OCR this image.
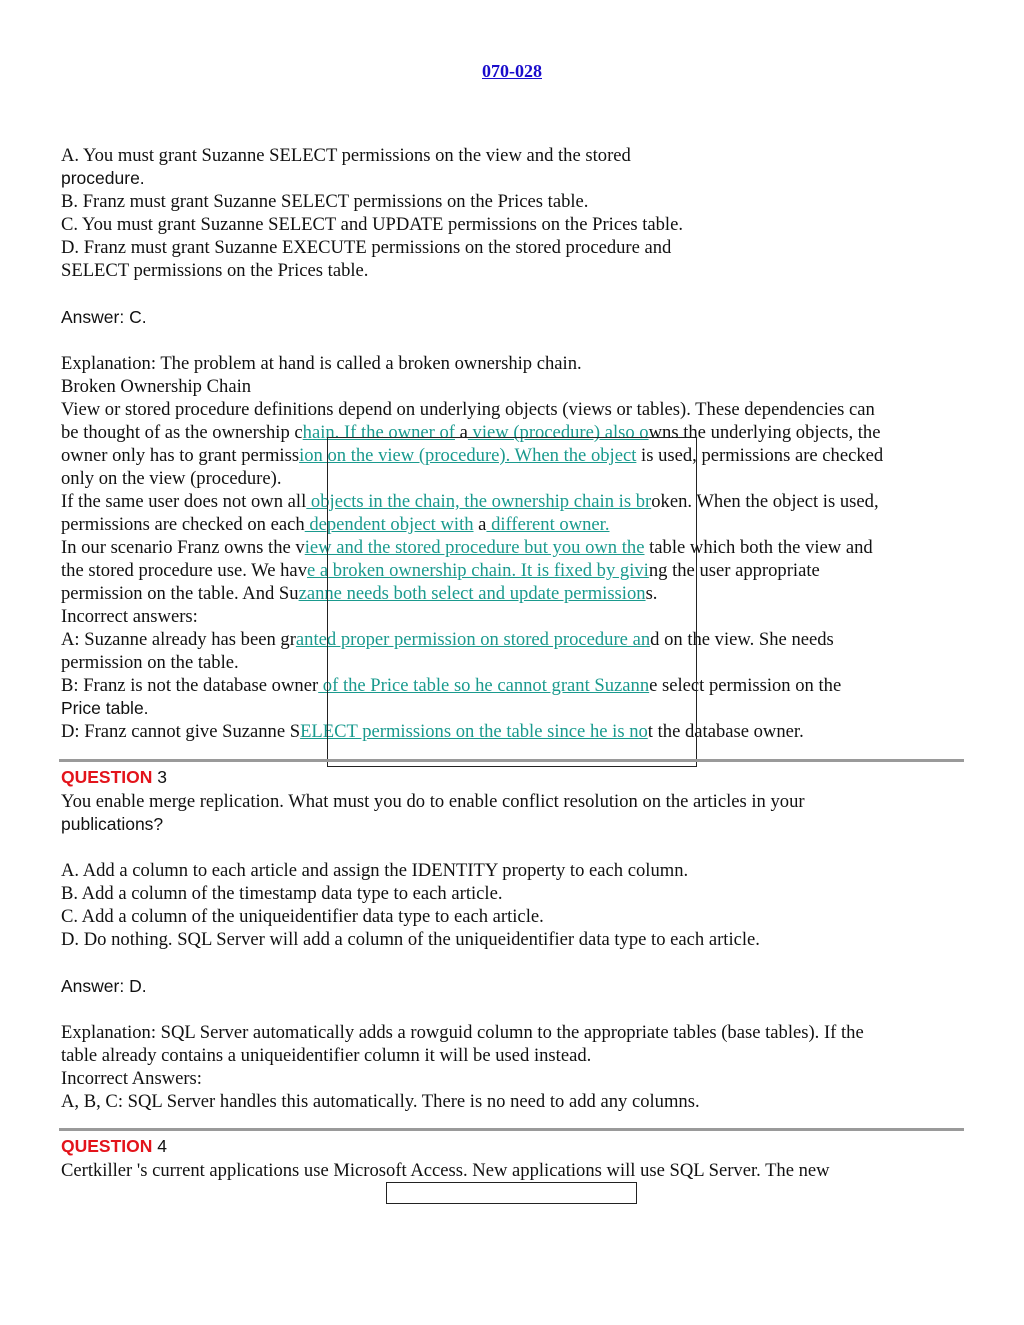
070-028

A. You must grant Suzanne SELECT permissions on the view and the stored

procedure.

B. Franz must grant Suzanne SELECT permissions on the Prices table.

C. You must grant Suzanne SELECT and UPDATE permissions on the Prices table.

D. Franz must grant Suzanne EXECUTE permissions on the stored procedure and

SELECT permissions on the Prices table.

Answer: C.

Explanation: The problem at hand is called a broken ownership chain.

Broken Ownership Chain

View or stored procedure definitions depend on underlying objects (views or tables). These dependencies can

be thought of as the ownership chain. If the owner of a view (procedure) also owns the underlying objects, the

owner only has to grant permission on the view (procedure). When the object is used, permissions are checked

only on the view (procedure).

If the same user does not own all objects in the chain, the ownership chain is broken. When the object is used,

permissions are checked on each dependent object with a different owner.

In our scenario Franz owns the view and the stored procedure but you own the table which both the view and

the stored procedure use. We have a broken ownership chain. It is fixed by giving the user appropriate

permission on the table. And Suzanne needs both select and update permissions.

Incorrect answers:

A: Suzanne already has been granted proper permission on stored procedure and on the view. She needs

permission on the table.

B: Franz is not the database owner of the Price table so he cannot grant Suzanne select permission on the

Price table.

D: Franz cannot give Suzanne SELECT permissions on the table since he is not the database owner.

QUESTION 3

You enable merge replication. What must you do to enable conflict resolution on the articles in your

publications?

A. Add a column to each article and assign the IDENTITY property to each column.

B. Add a column of the timestamp data type to each article.

C. Add a column of the uniqueidentifier data type to each article.

D. Do nothing. SQL Server will add a column of the uniqueidentifier data type to each article.

Answer: D.

Explanation: SQL Server automatically adds a rowguid column to the appropriate tables (base tables). If the

table already contains a uniqueidentifier column it will be used instead.

Incorrect Answers:

A, B, C: SQL Server handles this automatically. There is no need to add any columns.

QUESTION 4

Certkiller 's current applications use Microsoft Access. New applications will use SQL Server. The new
